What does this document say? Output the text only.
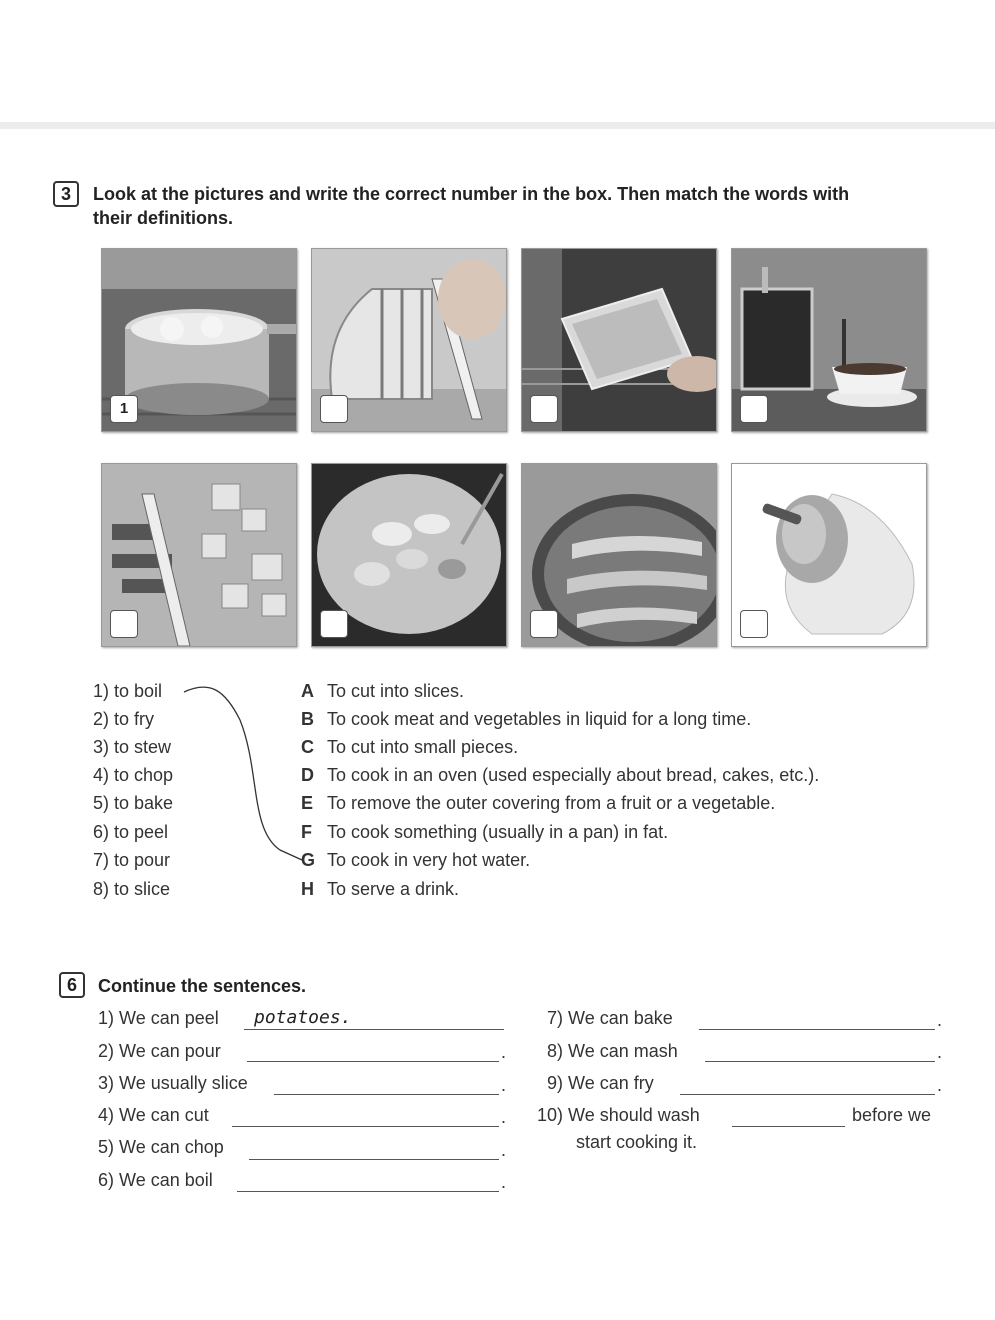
3	Look at the pictures and write the correct number in the box. Then match the words with
their definitions.
1
1) to boil
2) to fry
3) to stew
4) to chop
5) to bake
6) to peel
7) to pour
8) to slice
A To cut into slices.
B To cook meat and vegetables in liquid for a long time.
C To cut into small pieces.
D To cook in an oven (used especially about bread, cakes, etc.).
E To remove the outer covering from a fruit or a vegetable.
F To cook something (usually in a pan) in fat.
G To cook in very hot water.
H To serve a drink.
6	Continue the sentences.
1) We can peel potatoes.
2) We can pour	.
3) We usually slice	.
4) We can cut	.
5) We can chop	.
6) We can boil	.
7) We can bake	.
8) We can mash	.
9) We can fry	.
10) We should wash	before we
start cooking it.
